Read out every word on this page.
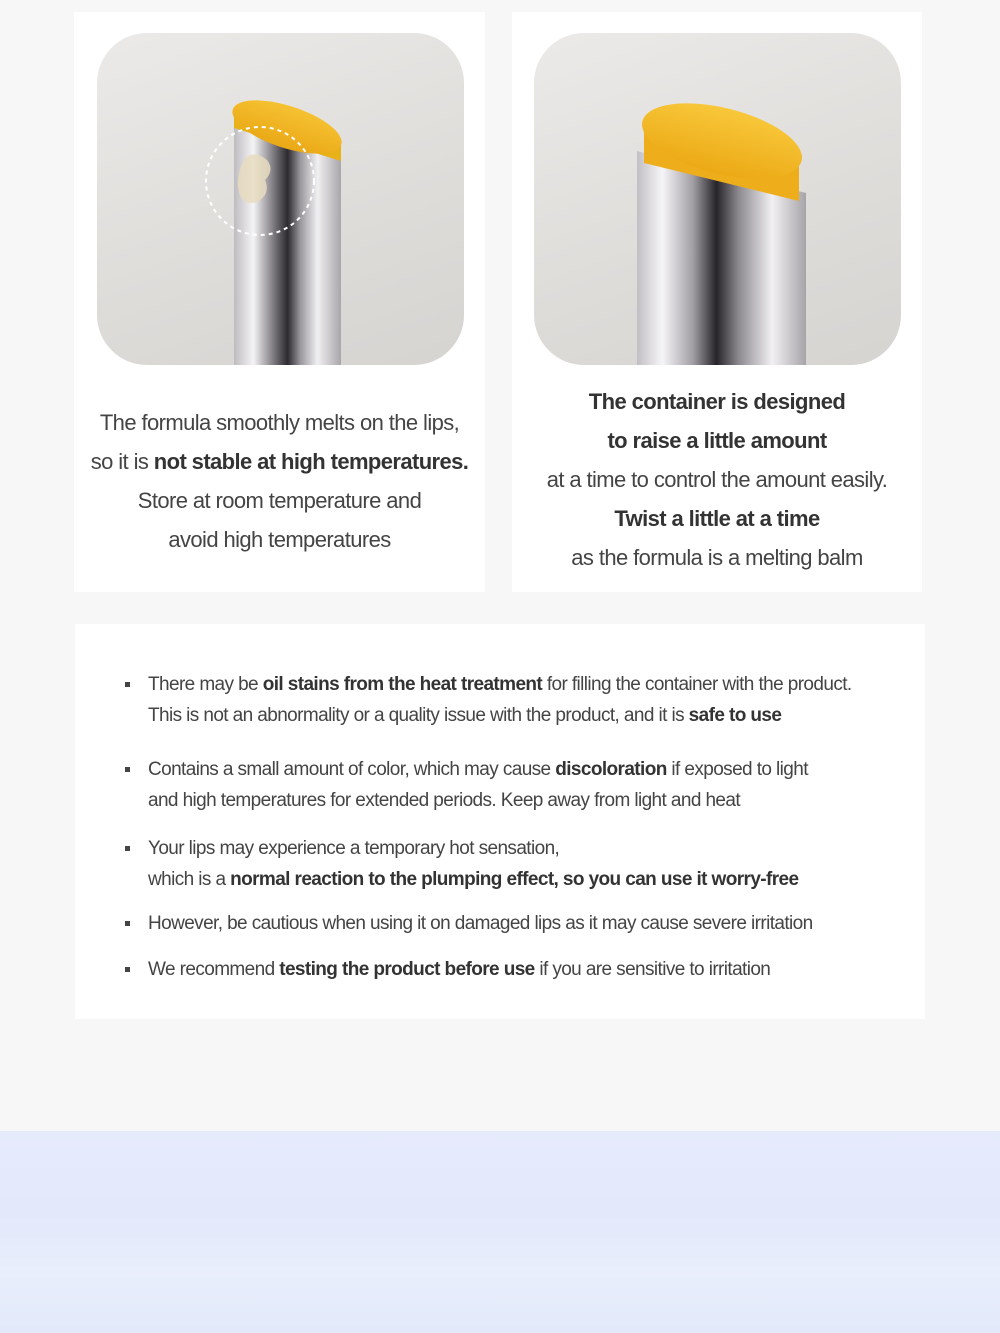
The formula smoothly melts on the lips,
so it is not stable at high temperatures.
Store at room temperature and
avoid high temperatures
The container is designed
to raise a little amount
at a time to control the amount easily.
Twist a little at a time
as the formula is a melting balm
There may be oil stains from the heat treatment for filling the container with the product.
This is not an abnormality or a quality issue with the product, and it is safe to use
Contains a small amount of color, which may cause discoloration if exposed to light
and high temperatures for extended periods. Keep away from light and heat
Your lips may experience a temporary hot sensation,
which is a normal reaction to the plumping effect, so you can use it worry-free
However, be cautious when using it on damaged lips as it may cause severe irritation
We recommend testing the product before use if you are sensitive to irritation
